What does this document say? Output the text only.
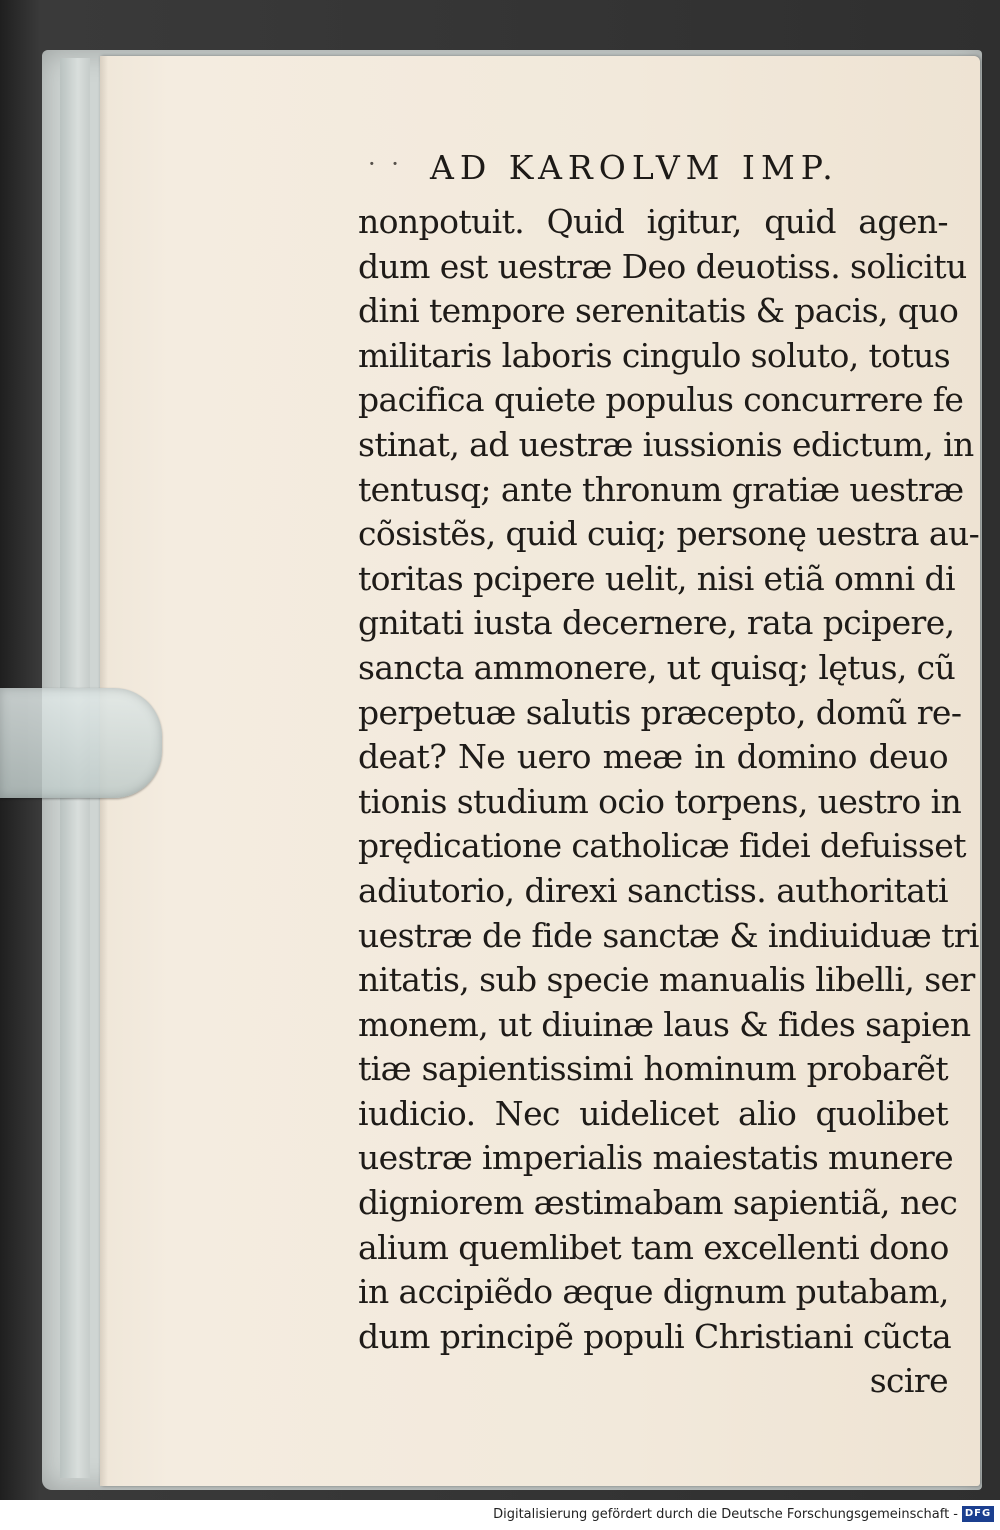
· · AD KAROLVM IMP.
nonpotuit. Quid igitur, quid agen-
dum est uestræ Deo deuotiss. solicitu
dini tempore serenitatis & pacis, quo
militaris laboris cingulo soluto, totus
pacifica quiete populus concurrere fe
stinat, ad uestræ iussionis edictum, in
tentusq; ante thronum gratiæ uestræ
cõsistẽs, quid cuiq; personę uestra au-
toritas pcipere uelit, nisi etiã omni di
gnitati iusta decernere, rata pcipere,
sancta ammonere, ut quisq; lętus, cũ
perpetuæ salutis præcepto, domũ re-
deat? Ne uero meæ in domino deuo
tionis studium ocio torpens, uestro in
prędicatione catholicæ fidei defuisset
adiutorio, direxi sanctiss. authoritati
uestræ de fide sanctæ & indiuiduæ tri
nitatis, sub specie manualis libelli, ser
monem, ut diuinæ laus & fides sapien
tiæ sapientissimi hominum probarẽt
iudicio. Nec uidelicet alio quolibet
uestræ imperialis maiestatis munere
digniorem æstimabam sapientiã, nec
alium quemlibet tam excellenti dono
in accipiẽdo æque dignum putabam,
dum principẽ populi Christiani cũcta
scire
Digitalisierung gefördert durch die Deutsche Forschungsgemeinschaft - DFG
